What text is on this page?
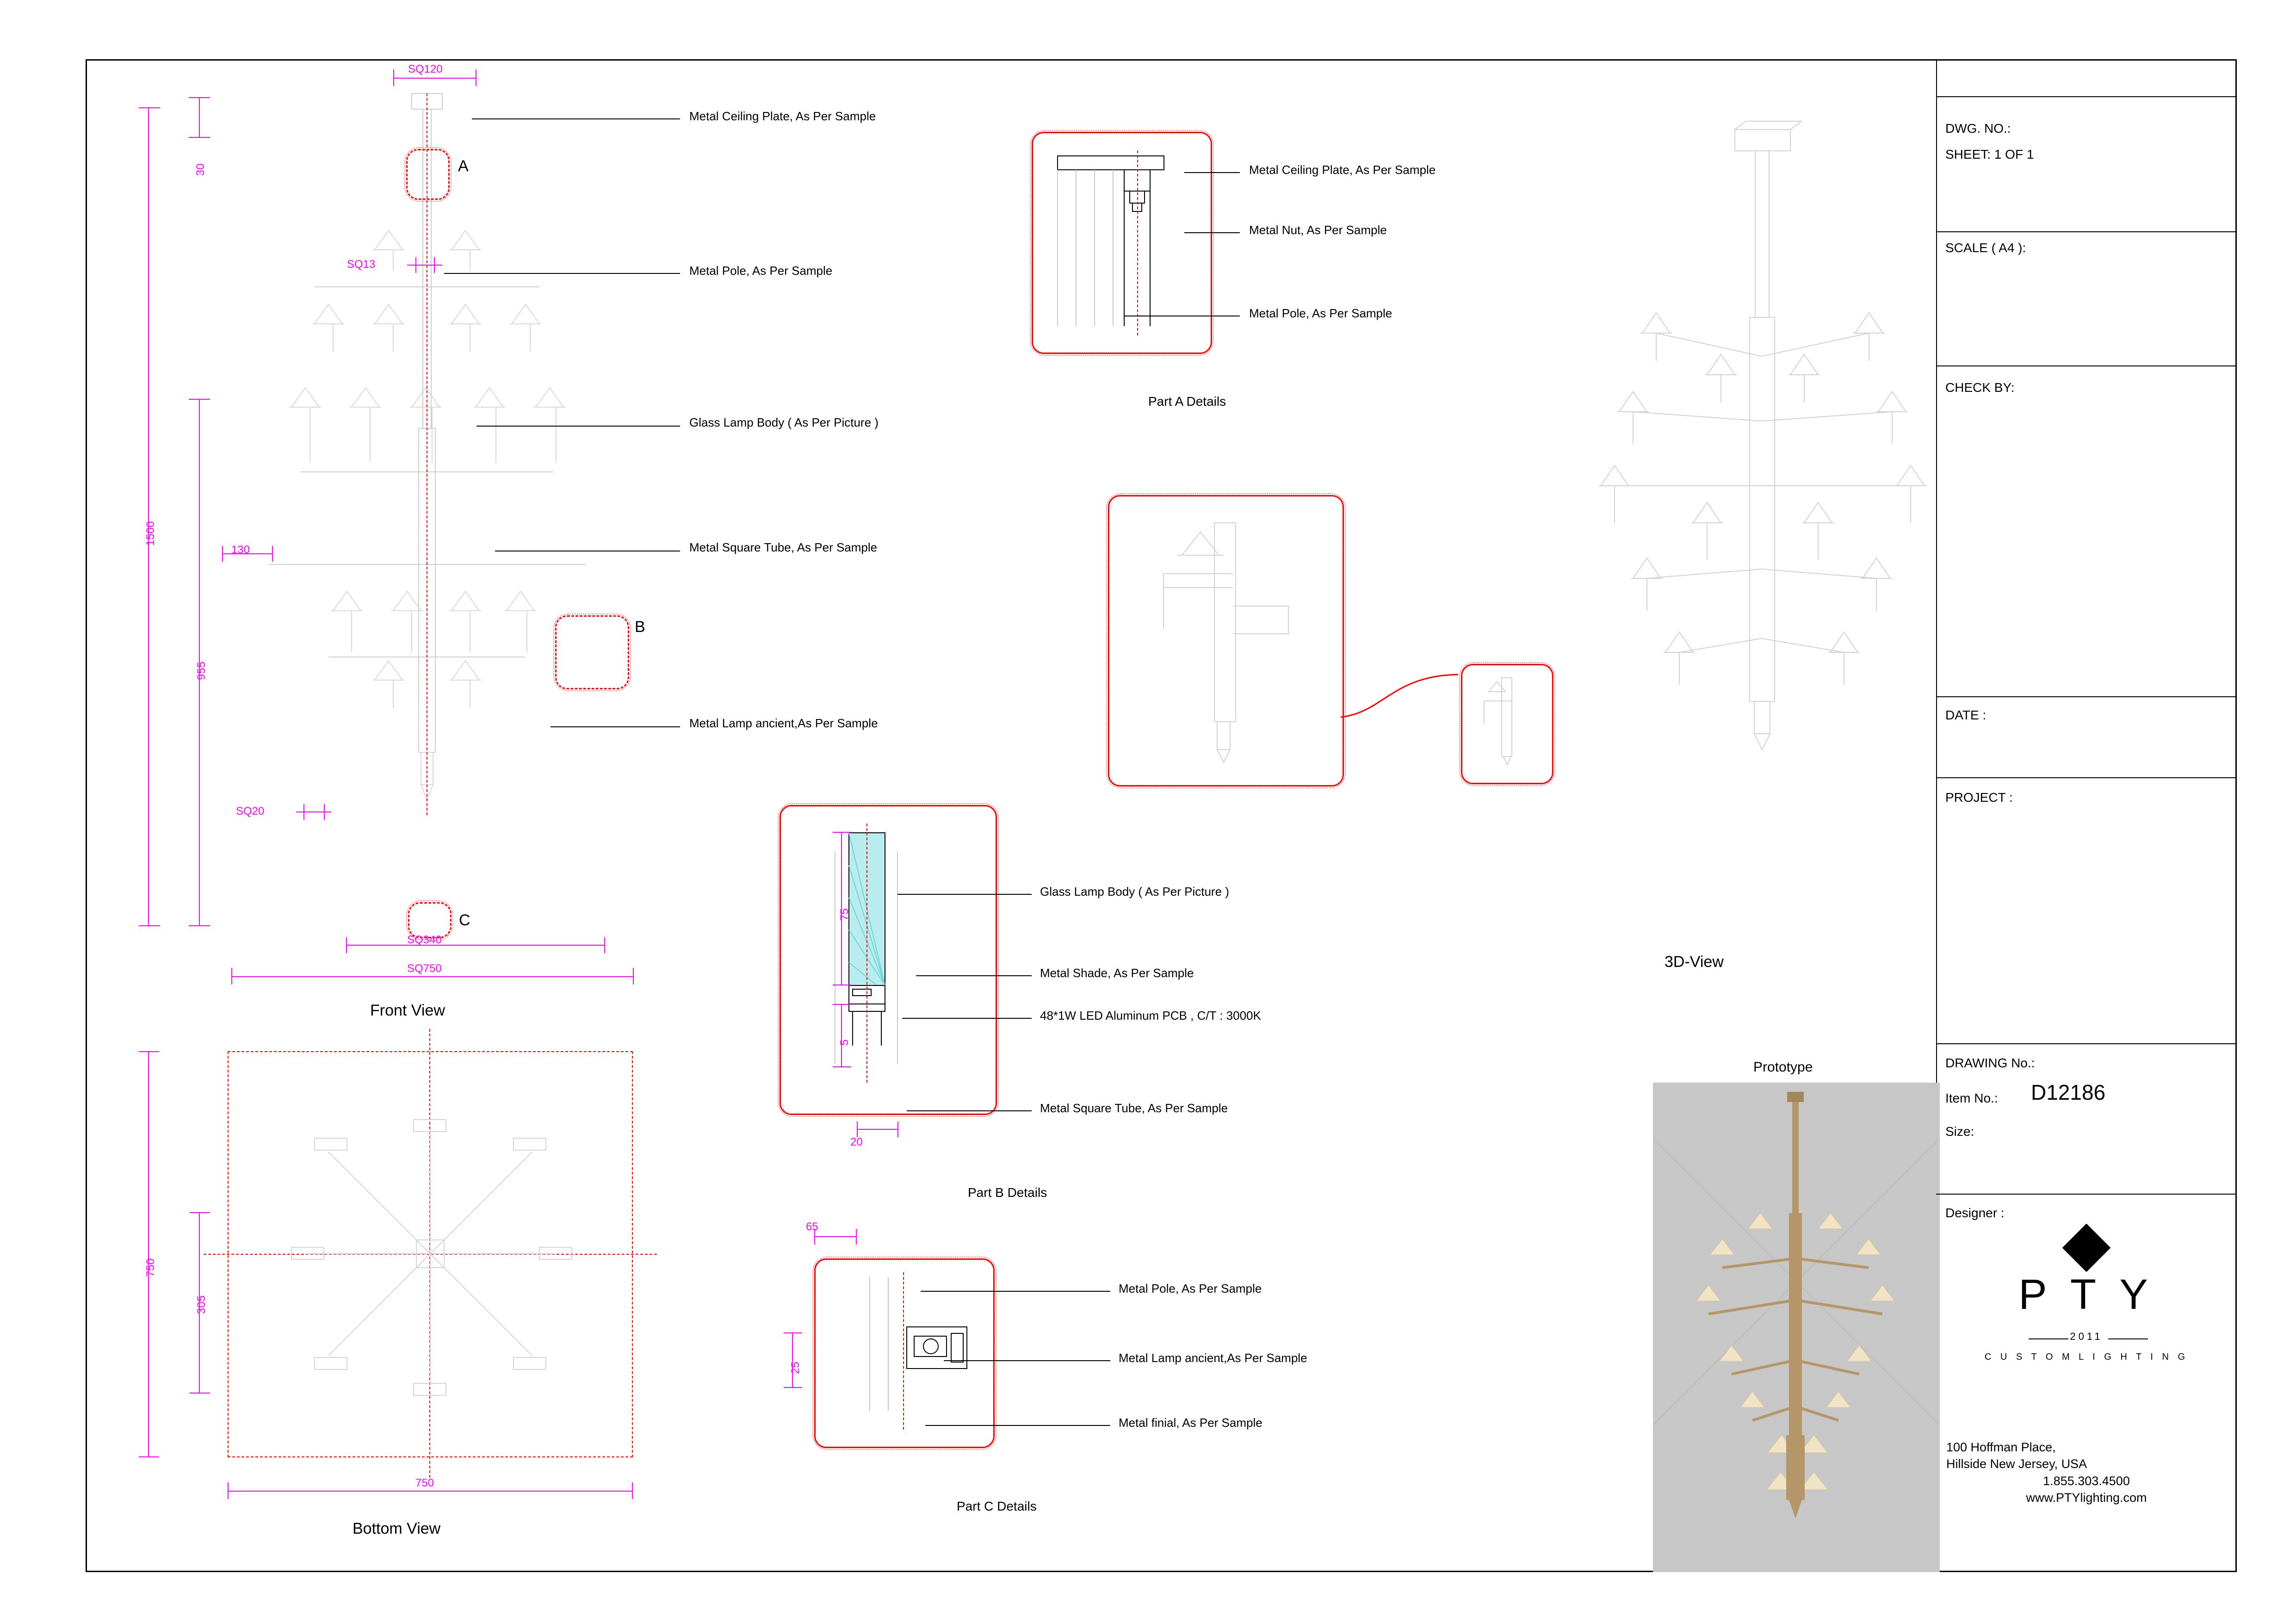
A
B
C
SQ120
30
1500
955
130
SQ13
SQ20
SQ340
SQ750
Front View
Metal Ceiling Plate, As Per Sample
Metal Pole, As Per Sample
Glass Lamp Body ( As Per Picture )
Metal Square Tube, As Per Sample
Metal Lamp ancient,As Per Sample
750
305
750
Bottom View
Metal Ceiling Plate, As Per Sample
Metal Nut, As Per Sample
Metal Pole, As Per Sample
Part A Details
75
5
20
Glass Lamp Body ( As Per Picture )
Metal Shade, As Per Sample
48*1W LED Aluminum PCB , C/T : 3000K
Metal Square Tube, As Per Sample
Part B Details
65
25
Metal Pole, As Per Sample
Metal Lamp ancient,As Per Sample
Metal finial, As Per Sample
Part C Details
3D-View
Prototype
DWG. NO.:
SHEET: 1 OF 1
SCALE ( A4 ):
CHECK BY:
DATE :
PROJECT :
DRAWING No.:
Item No.: D12186
Size:
Designer :
P T Y
2011
C U S T O M L I G H T I N G
100 Hoffman Place,
Hillside New Jersey, USA
1.855.303.4500
www.PTYlighting.com
